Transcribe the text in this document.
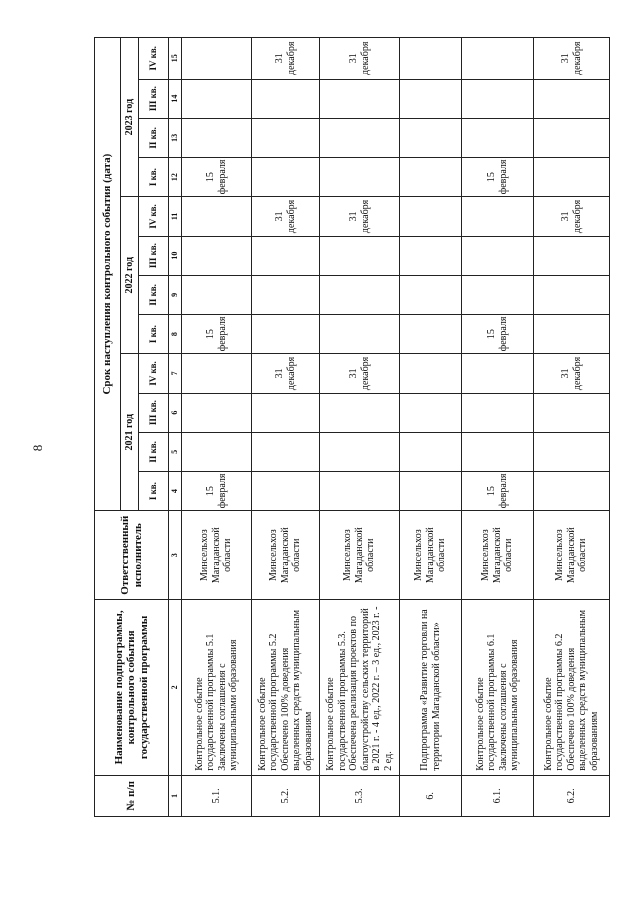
8
№ п/п	Наименование подпрограммы, контрольного события государственной программы	Ответственный исполнитель	Срок наступления контрольного события (дата)											
			2021 год				2022 год				2023 год			
			I кв.	II кв.	III кв.	IV кв.	I кв.	II кв.	III кв.	IV кв.	I кв.	II кв.	III кв.	IV кв.
1	2	3	4	5	6	7	8	9	10	11	12	13	14	15
5.1.	Контрольное событие государственной программы 5.1 Заключены соглашения с муниципальными образования	Минсельхоз Магаданской области	15 февраля				15 февраля				15 февраля			
5.2.	Контрольное событие государственной программы 5.2 Обеспечено 100% доведения выделенных средств муниципальным образованиям	Минсельхоз Магаданской области				31 декабря				31 декабря				31 декабря
5.3.	Контрольное событие государственной программы 5.3. Обеспечена реализация проектов по благоустройству сельских территорий в 2021 г. - 4 ед., 2022 г. – 3 ед., 2023 г. - 2 ед.	Минсельхоз Магаданской области				31 декабря				31 декабря				31 декабря
6.	Подпрограмма «Развитие торговли на территории Магаданской области»	Минсельхоз Магаданской области												
6.1.	Контрольное событие государственной программы 6.1 Заключены соглашения с муниципальными образования	Минсельхоз Магаданской области	15 февраля				15 февраля				15 февраля			
6.2.	Контрольное событие государственной программы 6.2 Обеспечено 100% доведения выделенных средств муниципальным образованиям	Минсельхоз Магаданской области				31 декабря				31 декабря				31 декабря
